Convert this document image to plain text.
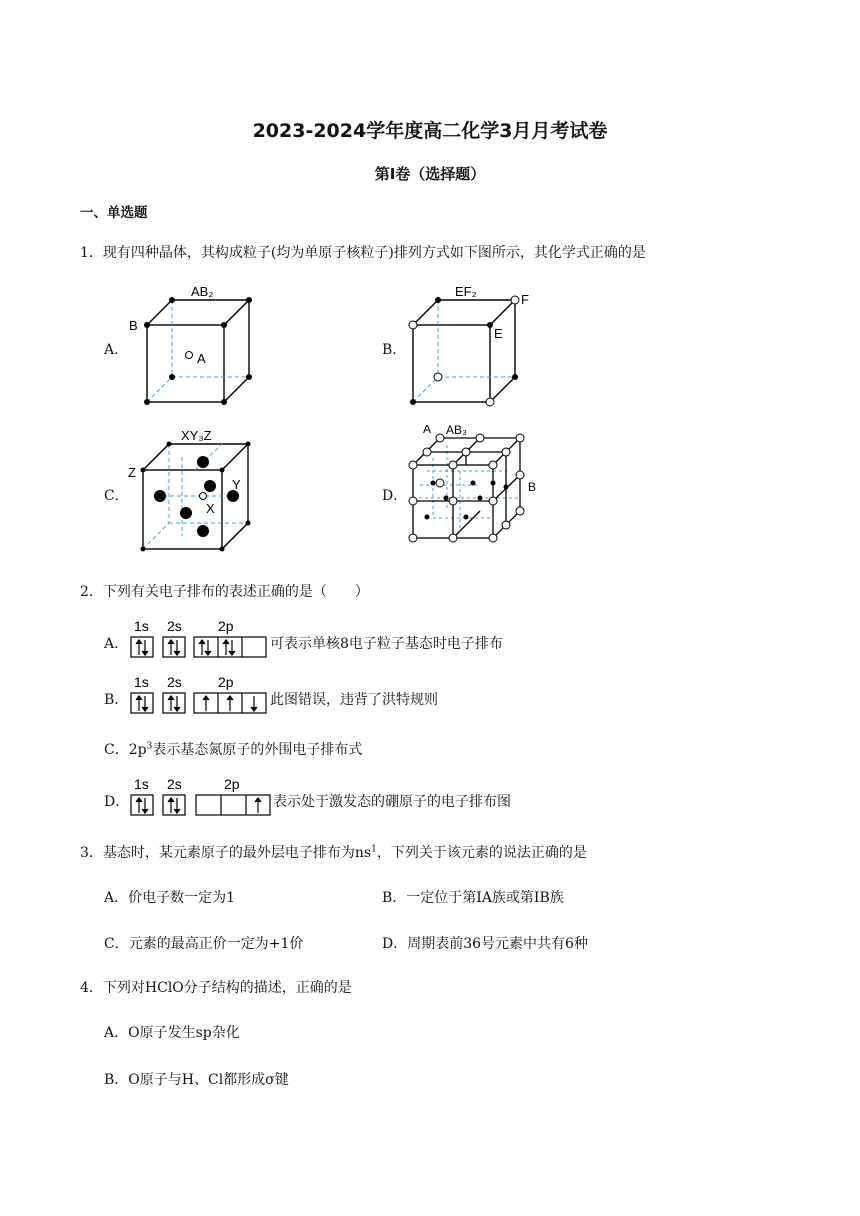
2023-2024学年度高二化学3月月考试卷
第Ⅰ卷（选择题）
一、单选题
1．现有四种晶体，其构成粒子(均为单原子核粒子)排列方式如下图所示，其化学式正确的是
A．
AB₂
B
A
B．
EF₂
F
E
C．
XY₃Z
Z
Y
X
D．
A AB₃
B
2．下列有关电子排布的表述正确的是（　　）
A．
1s 2s	2p
可表示单核8电子粒子基态时电子排布
B．
1s 2s	2p
此图错误，违背了洪特规则
C．$2p^3$表示基态氮原子的外围电子排布式
D．
1s 2s	2p
表示处于激发态的硼原子的电子排布图
3．基态时，某元素原子的最外层电子排布为$ns^1$，下列关于该元素的说法正确的是
A．价电子数一定为1	B．一定位于第IA族或第IB族
C．元素的最高正价一定为+1价	D．周期表前36号元素中共有6种
4．下列对HClO分子结构的描述，正确的是
A．O原子发生sp杂化
B．O原子与H、Cl都形成σ键
